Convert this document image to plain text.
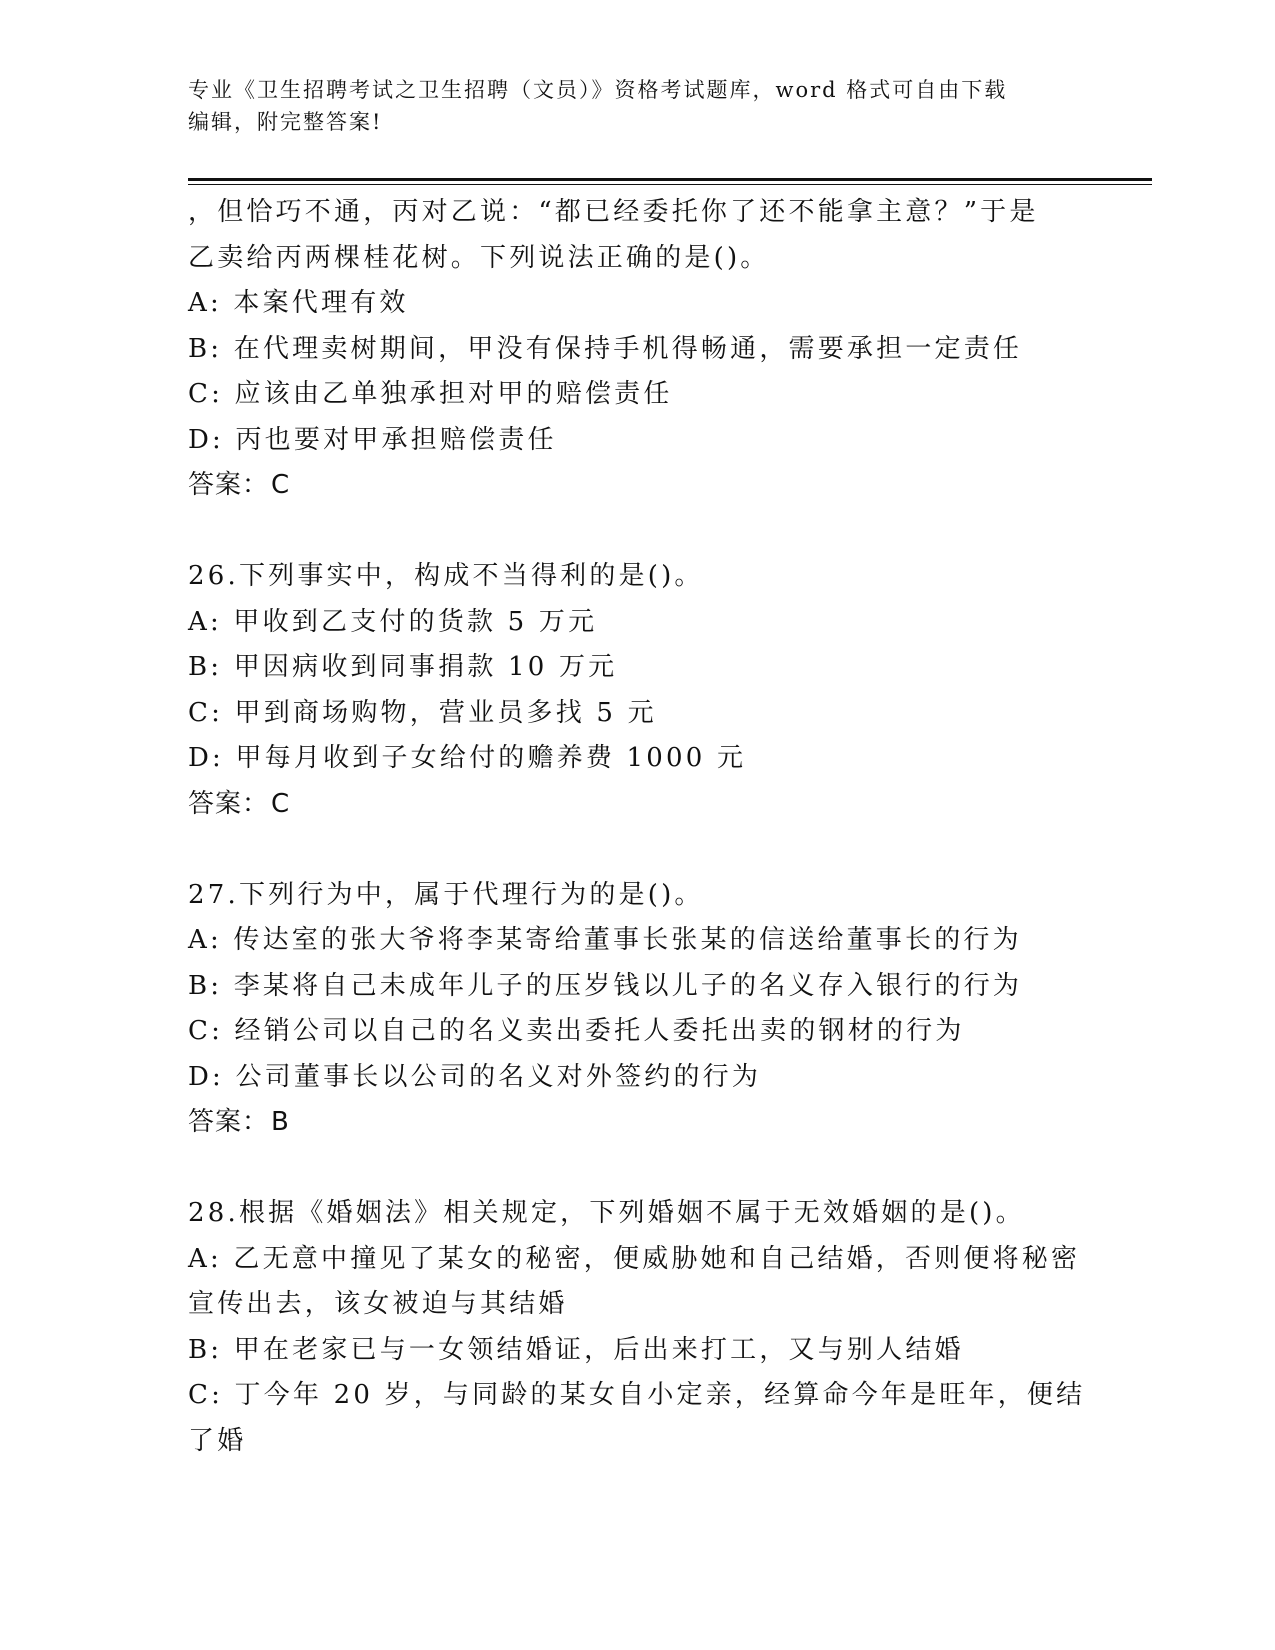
专业《卫生招聘考试之卫生招聘（文员）》资格考试题库，word 格式可自由下载
编辑，附完整答案!
，但恰巧不通，丙对乙说：“都已经委托你了还不能拿主意？”于是
乙卖给丙两棵桂花树。下列说法正确的是()。
A: 本案代理有效
B: 在代理卖树期间，甲没有保持手机得畅通，需要承担一定责任
C: 应该由乙单独承担对甲的赔偿责任
D: 丙也要对甲承担赔偿责任
答案：C
26.下列事实中，构成不当得利的是()。
A: 甲收到乙支付的货款 5 万元
B: 甲因病收到同事捐款 10 万元
C: 甲到商场购物，营业员多找 5 元
D: 甲每月收到子女给付的赡养费 1000 元
答案：C
27.下列行为中，属于代理行为的是()。
A: 传达室的张大爷将李某寄给董事长张某的信送给董事长的行为
B: 李某将自己未成年儿子的压岁钱以儿子的名义存入银行的行为
C: 经销公司以自己的名义卖出委托人委托出卖的钢材的行为
D: 公司董事长以公司的名义对外签约的行为
答案：B
28.根据《婚姻法》相关规定，下列婚姻不属于无效婚姻的是()。
A: 乙无意中撞见了某女的秘密，便威胁她和自己结婚，否则便将秘密
宣传出去，该女被迫与其结婚
B: 甲在老家已与一女领结婚证，后出来打工，又与别人结婚
C: 丁今年 20 岁，与同龄的某女自小定亲，经算命今年是旺年，便结
了婚
